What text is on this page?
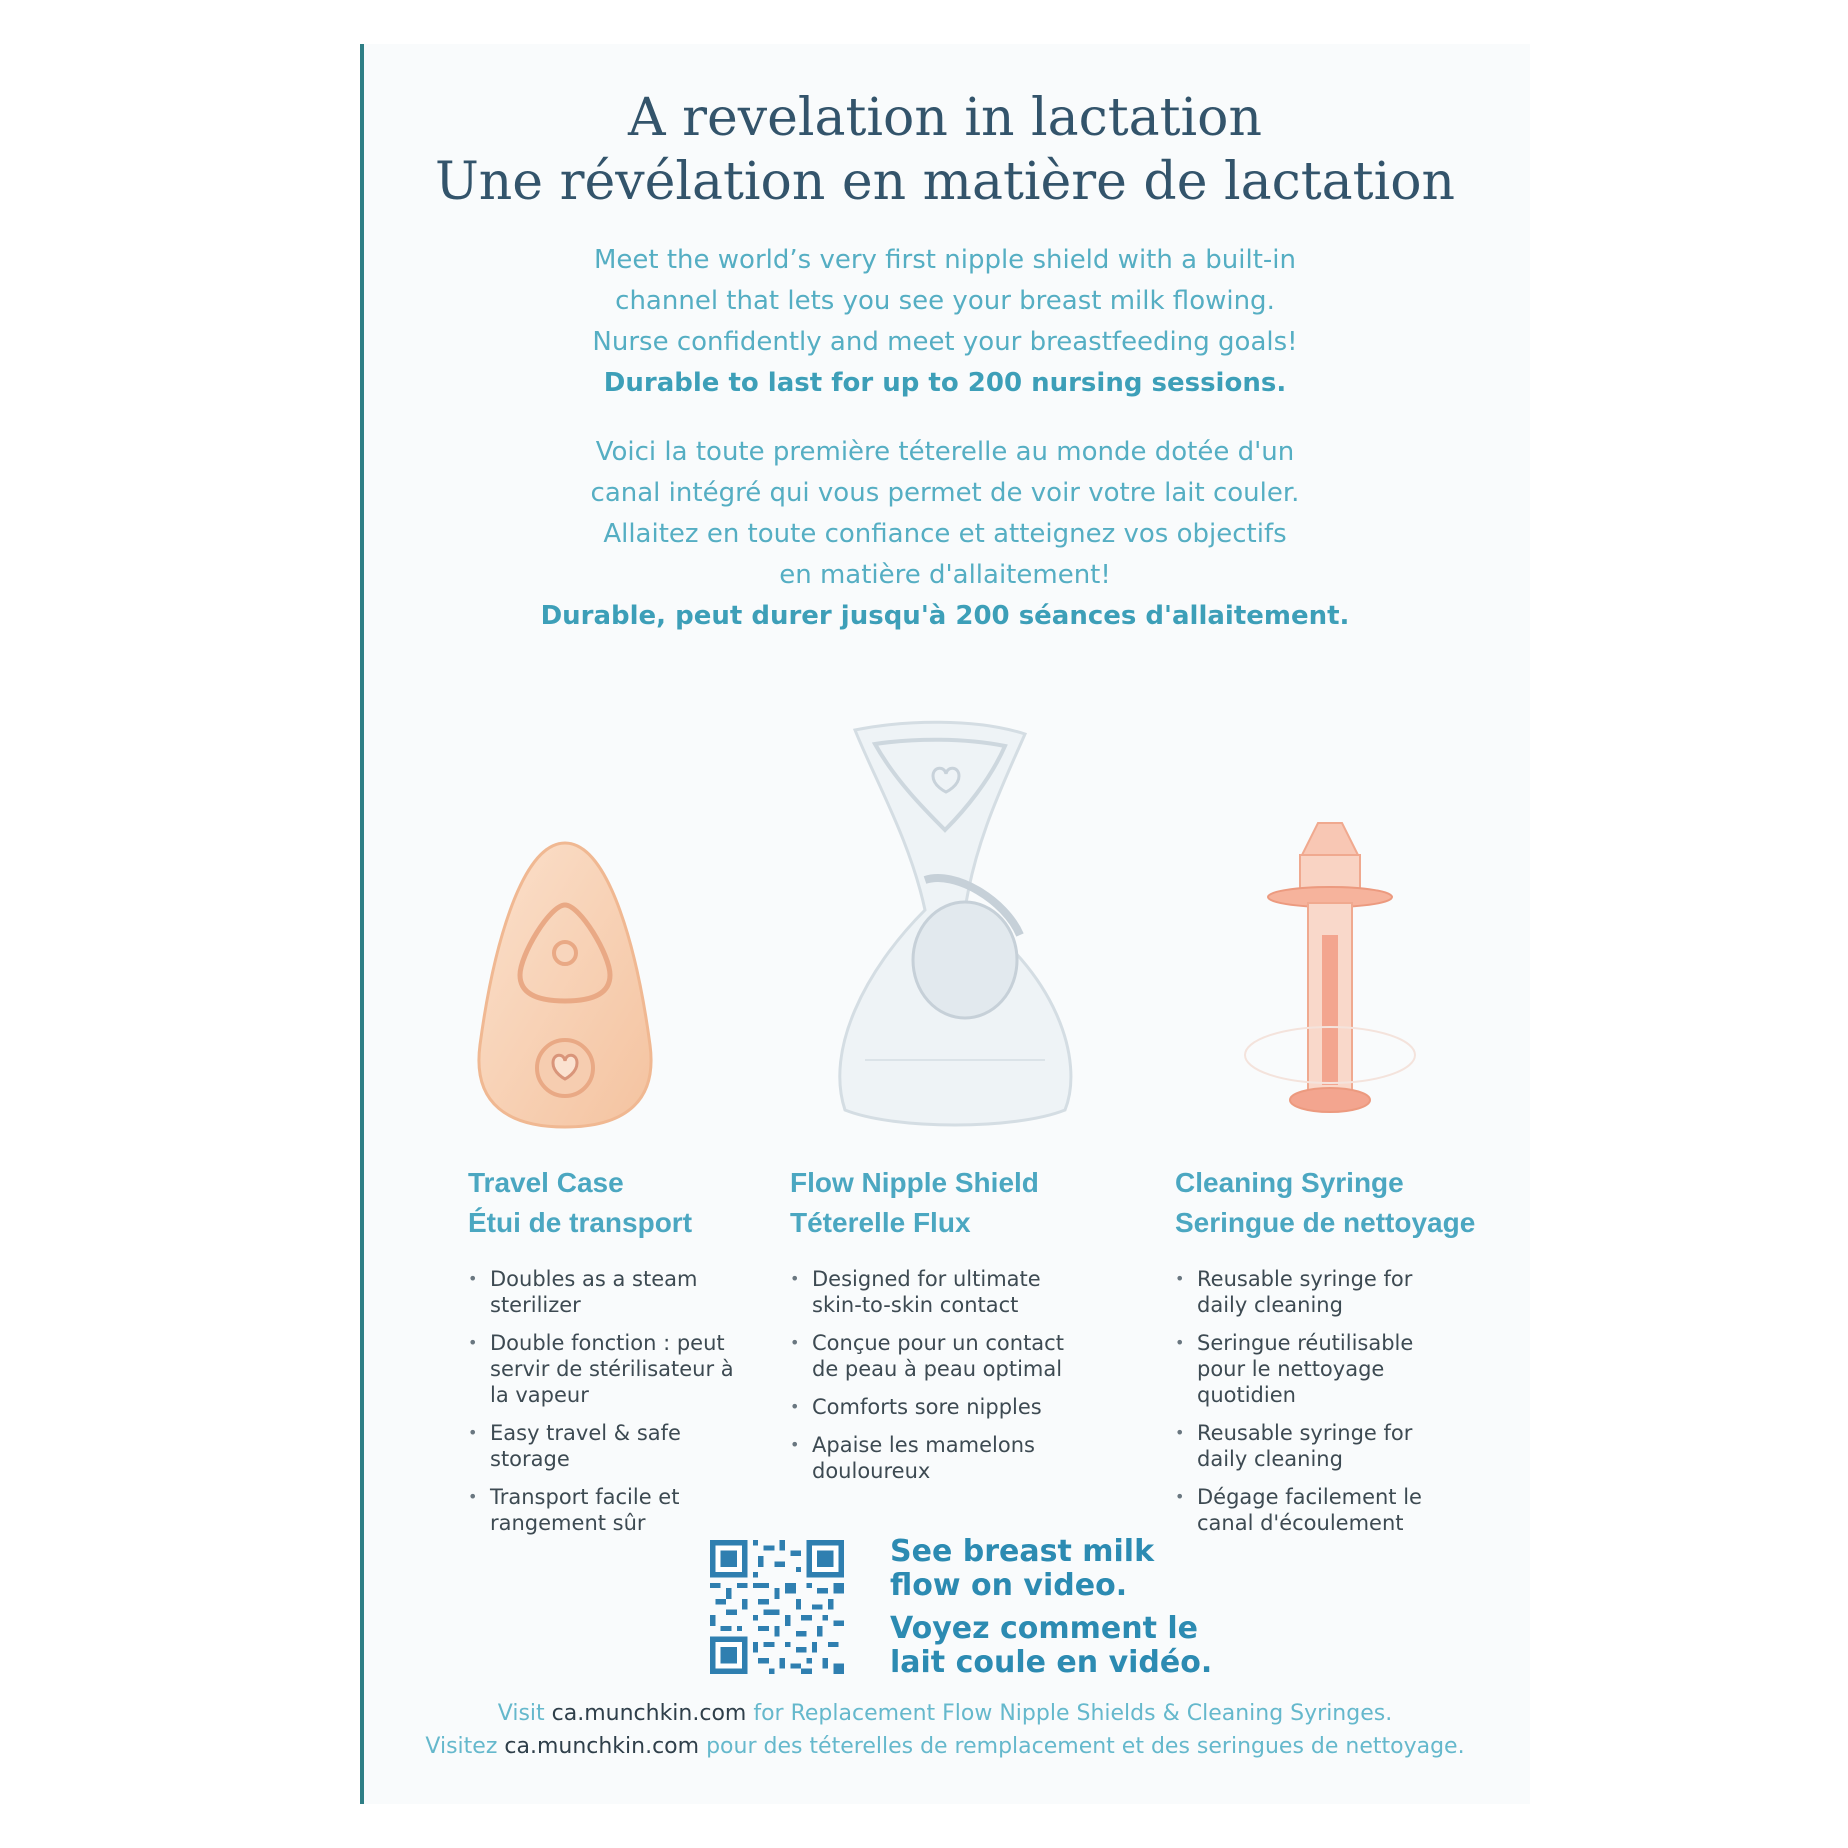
A revelation in lactation
Une révélation en matière de lactation
Meet the world’s very first nipple shield with a built-in
channel that lets you see your breast milk flowing.
Nurse confidently and meet your breastfeeding goals!
Durable to last for up to 200 nursing sessions.
Voici la toute première téterelle au monde dotée d'un
canal intégré qui vous permet de voir votre lait couler.
Allaitez en toute confiance et atteignez vos objectifs
en matière d'allaitement!
Durable, peut durer jusqu'à 200 séances d'allaitement.
Travel Case
Étui de transport
• Doubles as a steam sterilizer
• Double fonction : peut servir de stérilisateur à la vapeur
• Easy travel & safe storage
• Transport facile et rangement sûr
Flow Nipple Shield
Téterelle Flux
• Designed for ultimate skin-to-skin contact
• Conçue pour un contact de peau à peau optimal
• Comforts sore nipples
• Apaise les mamelons douloureux
Cleaning Syringe
Seringue de nettoyage
• Reusable syringe for daily cleaning
• Seringue réutilisable pour le nettoyage quotidien
• Reusable syringe for daily cleaning
• Dégage facilement le canal d'écoulement
See breast milk
flow on video.
Voyez comment le
lait coule en vidéo.
Visit ca.munchkin.com for Replacement Flow Nipple Shields & Cleaning Syringes.
Visitez ca.munchkin.com pour des téterelles de remplacement et des seringues de nettoyage.
